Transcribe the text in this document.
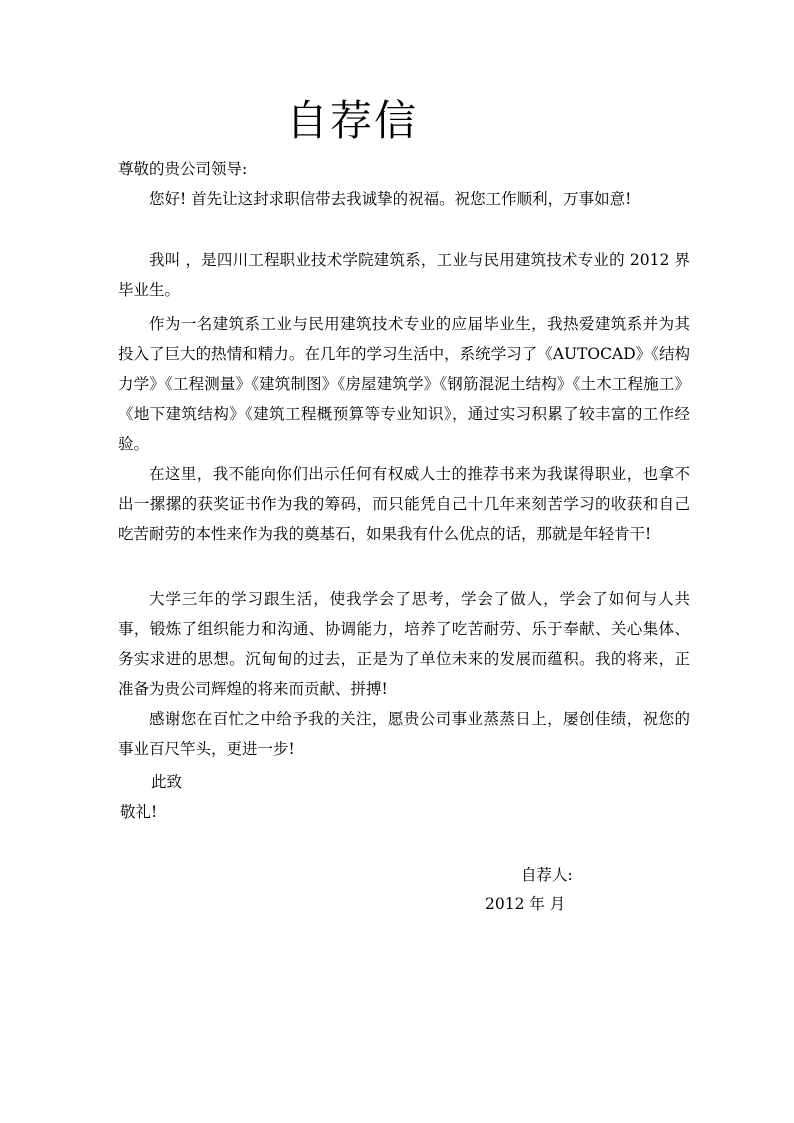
自荐信
尊敬的贵公司领导:

您好! 首先让这封求职信带去我诚挚的祝福。祝您工作顺利，万事如意!

我叫 ，是四川工程职业技术学院建筑系，工业与民用建筑技术专业的 2012 界毕业生。

作为一名建筑系工业与民用建筑技术专业的应届毕业生，我热爱建筑系并为其投入了巨大的热情和精力。在几年的学习生活中，系统学习了《AUTOCAD》《结构力学》《工程测量》《建筑制图》《房屋建筑学》《钢筋混泥土结构》《土木工程施工》《地下建筑结构》《建筑工程概预算等专业知识》，通过实习积累了较丰富的工作经验。

在这里，我不能向你们出示任何有权威人士的推荐书来为我谋得职业，也拿不出一摞摞的获奖证书作为我的筹码，而只能凭自己十几年来刻苦学习的收获和自己吃苦耐劳的本性来作为我的奠基石，如果我有什么优点的话，那就是年轻肯干!

大学三年的学习跟生活，使我学会了思考，学会了做人，学会了如何与人共事，锻炼了组织能力和沟通、协调能力，培养了吃苦耐劳、乐于奉献、关心集体、务实求进的思想。沉甸甸的过去，正是为了单位未来的发展而蕴积。我的将来，正准备为贵公司辉煌的将来而贡献、拼搏!

感谢您在百忙之中给予我的关注，愿贵公司事业蒸蒸日上，屡创佳绩，祝您的事业百尺竿头，更进一步!

此致
敬礼!
自荐人:
2012 年 月
